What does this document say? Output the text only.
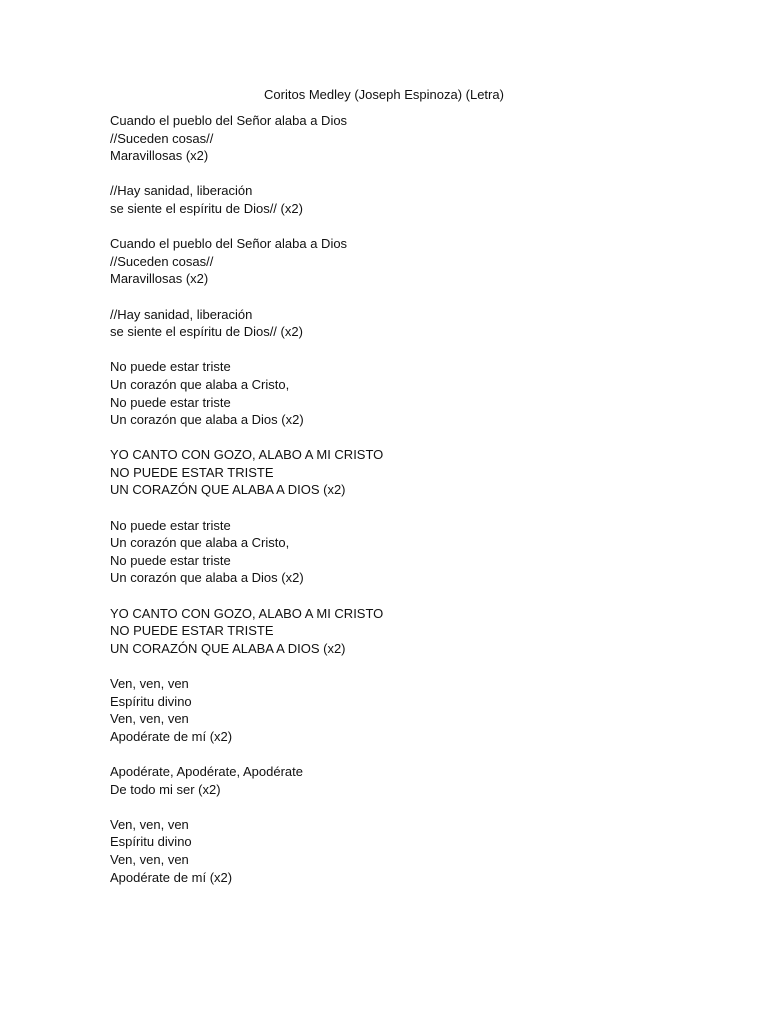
Coritos Medley (Joseph Espinoza) (Letra)
Cuando el pueblo del Señor alaba a Dios
//Suceden cosas//
Maravillosas (x2)
//Hay sanidad, liberación
se siente el espíritu de Dios// (x2)
Cuando el pueblo del Señor alaba a Dios
//Suceden cosas//
Maravillosas (x2)
//Hay sanidad, liberación
se siente el espíritu de Dios// (x2)
No puede estar triste
Un corazón que alaba a Cristo,
No puede estar triste
Un corazón que alaba a Dios (x2)
YO CANTO CON GOZO, ALABO A MI CRISTO
NO PUEDE ESTAR TRISTE
UN CORAZÓN QUE ALABA A DIOS (x2)
No puede estar triste
Un corazón que alaba a Cristo,
No puede estar triste
Un corazón que alaba a Dios (x2)
YO CANTO CON GOZO, ALABO A MI CRISTO
NO PUEDE ESTAR TRISTE
UN CORAZÓN QUE ALABA A DIOS (x2)
Ven, ven, ven
Espíritu divino
Ven, ven, ven
Apodérate de mí (x2)
Apodérate, Apodérate, Apodérate
De todo mi ser (x2)
Ven, ven, ven
Espíritu divino
Ven, ven, ven
Apodérate de mí (x2)
